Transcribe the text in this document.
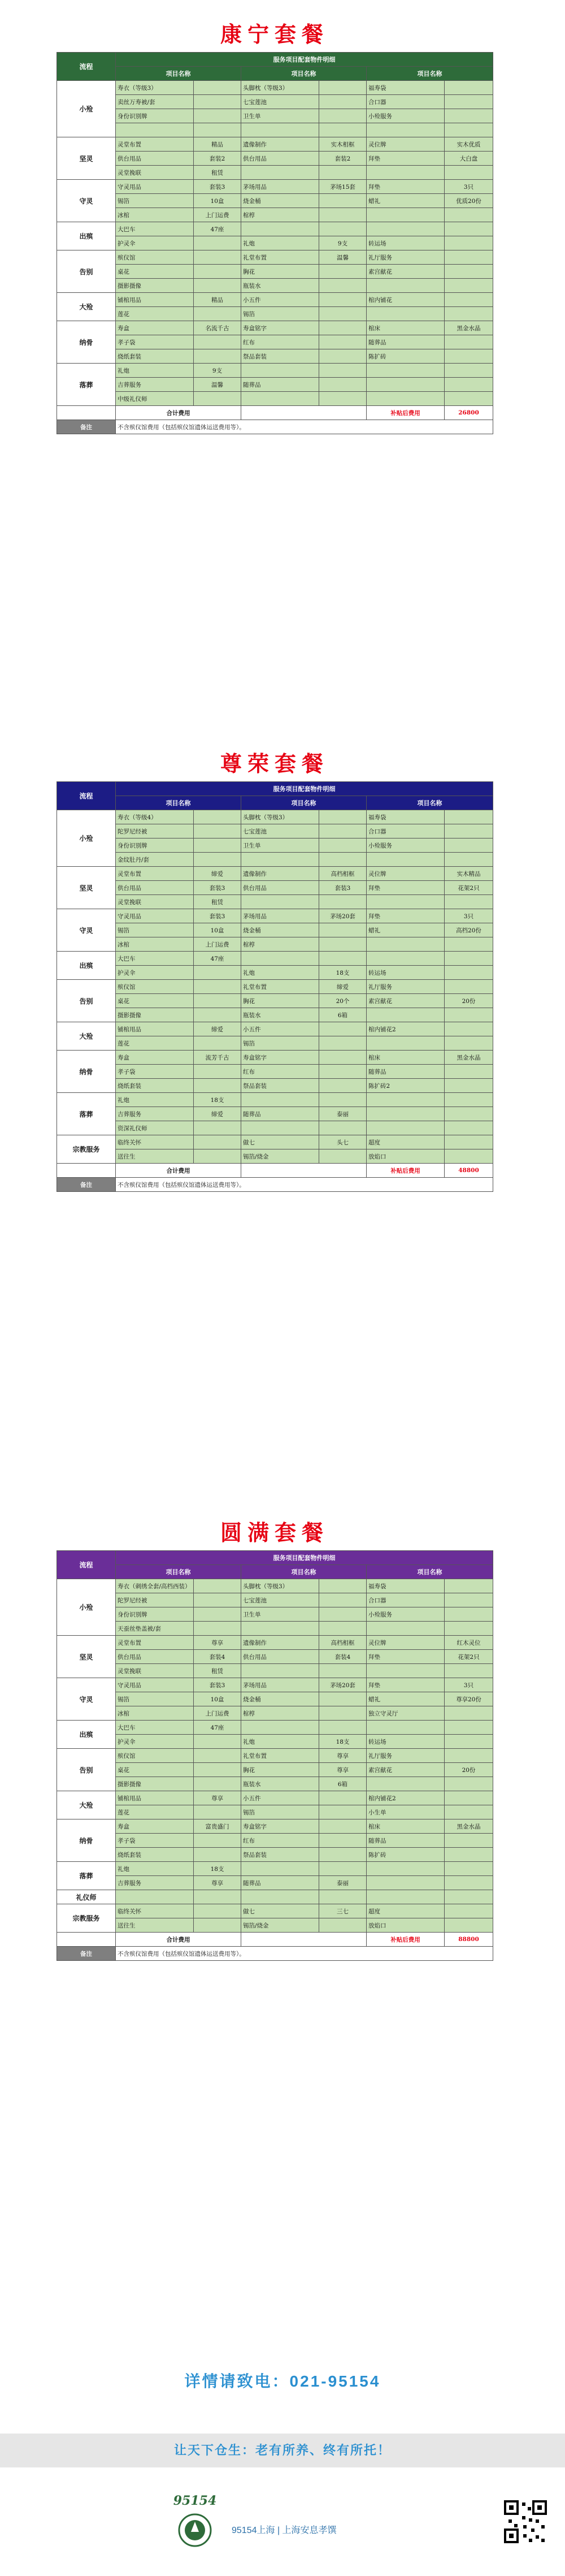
康宁套餐
流程	服务项目配套物件明细					
	项目名称		项目名称		项目名称	
小殓	寿衣（等级3）		头脚枕（等级3）		福寿袋	
	卖丝万寿被/套		七宝莲池		合口器	
	身份识别牌		卫生单		小殓服务	

坚灵	灵堂布置	精品	遗像制作	实木相框	灵位牌	实木优质
	供台用品	套装2	供台用品	套装2	拜垫	大白盘
	灵堂挽联	租赁				
守灵	守灵用品	套装3	茅场用品	茅场15套	拜垫	3只
	锡箔	10盒	烧金桶		蜡礼	优质20份
	冰棺	上门运费	棺椁			
出殡	大巴车	47座				
	护灵伞		礼炮	9支	转运场	
告别	殡仪馆		礼堂布置	温馨	礼厅服务	
	桌花		胸花		素宫献花	
	摄影摄像		瓶装水			
大殓	铺棺用品	精品	小五件		棺内铺花	
	莲花		锡箔			
纳骨	寿盒	名流千古	寿盒铭字		棺床	黑金水晶
	孝子袋		红布		随葬品	
	烧纸套装		祭品套装		陈扩砖	
落葬	礼炮	9支				
	吉葬服务	温馨	随葬品			
	中级礼仪师					
	合计费用				补贴后费用	26800
备注	不含殡仪馆费用（包括殡仪馆遗体运送费用等）。					
尊荣套餐
流程	服务项目配套物件明细					
	项目名称		项目名称		项目名称	
小殓	寿衣（等级4）		头脚枕（等级3）		福寿袋	
	陀罗尼经被		七宝莲池		合口器	
	身份识别牌		卫生单		小殓服务	
	金纹肚丹/套					
坚灵	灵堂布置	缔爱	遗像制作	高档相框	灵位牌	实木精品
	供台用品	套装3	供台用品	套装3	拜垫	花架2只
	灵堂挽联	租赁				
守灵	守灵用品	套装3	茅场用品	茅场20套	拜垫	3只
	锡箔	10盒	烧金桶		蜡礼	高档20份
	冰棺	上门运费	棺椁			
出殡	大巴车	47座				
	护灵伞		礼炮	18支	转运场	
告别	殡仪馆		礼堂布置	缔爱	礼厅服务	
	桌花		胸花	20个	素宫献花	20份
	摄影摄像		瓶装水	6箱		
大殓	铺棺用品	缔爱	小五件		棺内铺花2	
	莲花		锡箔			
纳骨	寿盒	流芳千古	寿盒铭字		棺床	黑金水晶
	孝子袋		红布		随葬品	
	烧纸套装		祭品套装		陈扩砖2	
落葬	礼炮	18支				
	吉葬服务	缔爱	随葬品	泰丽		
	资深礼仪师					
宗教服务	临终关怀		做七	头七	超度	
	送往生		锡箔/烧金		放焰口	
	合计费用				补贴后费用	48800
备注	不含殡仪馆费用（包括殡仪馆遗体运送费用等）。					
圆满套餐
流程	服务项目配套物件明细					
	项目名称		项目名称		项目名称	
小殓	寿衣（刺绣全套/高档西装）		头脚枕（等级3）		福寿袋	
	陀罗尼经被		七宝莲池		合口器	
	身份识别牌		卫生单		小殓服务	
	天蚕丝垫盖被/套					
坚灵	灵堂布置	尊享	遗像制作	高档相框	灵位牌	红木灵位
	供台用品	套装4	供台用品	套装4	拜垫	花架2只
	灵堂挽联	租赁				
守灵	守灵用品	套装3	茅场用品	茅场20套	拜垫	3只
	锡箔	10盒	烧金桶		蜡礼	尊享20份
	冰棺	上门运费	棺椁		独立守灵厅	
出殡	大巴车	47座				
	护灵伞		礼炮	18支	转运场	
告别	殡仪馆		礼堂布置	尊享	礼厅服务	
	桌花		胸花	尊享	素宫献花	20份
	摄影摄像		瓶装水	6箱		
大殓	铺棺用品	尊享	小五件		棺内铺花2	
	莲花		锡箔		小生单	
纳骨	寿盒	富贵盛门	寿盒铭字		棺床	黑金水晶
	孝子袋		红布		随葬品	
	烧纸套装		祭品套装		陈扩砖	
落葬	礼炮	18支				
	吉葬服务	尊享	随葬品	泰丽		
礼仪师						
宗教服务	临终关怀		做七	三七	超度	
	送往生		锡箔/烧金		放焰口	
	合计费用				补贴后费用	88800
备注	不含殡仪馆费用（包括殡仪馆遗体运送费用等）。					
详情请致电：021-95154
让天下仓生：老有所养、终有所托！
95154
95154上海 | 上海安息孝馔
